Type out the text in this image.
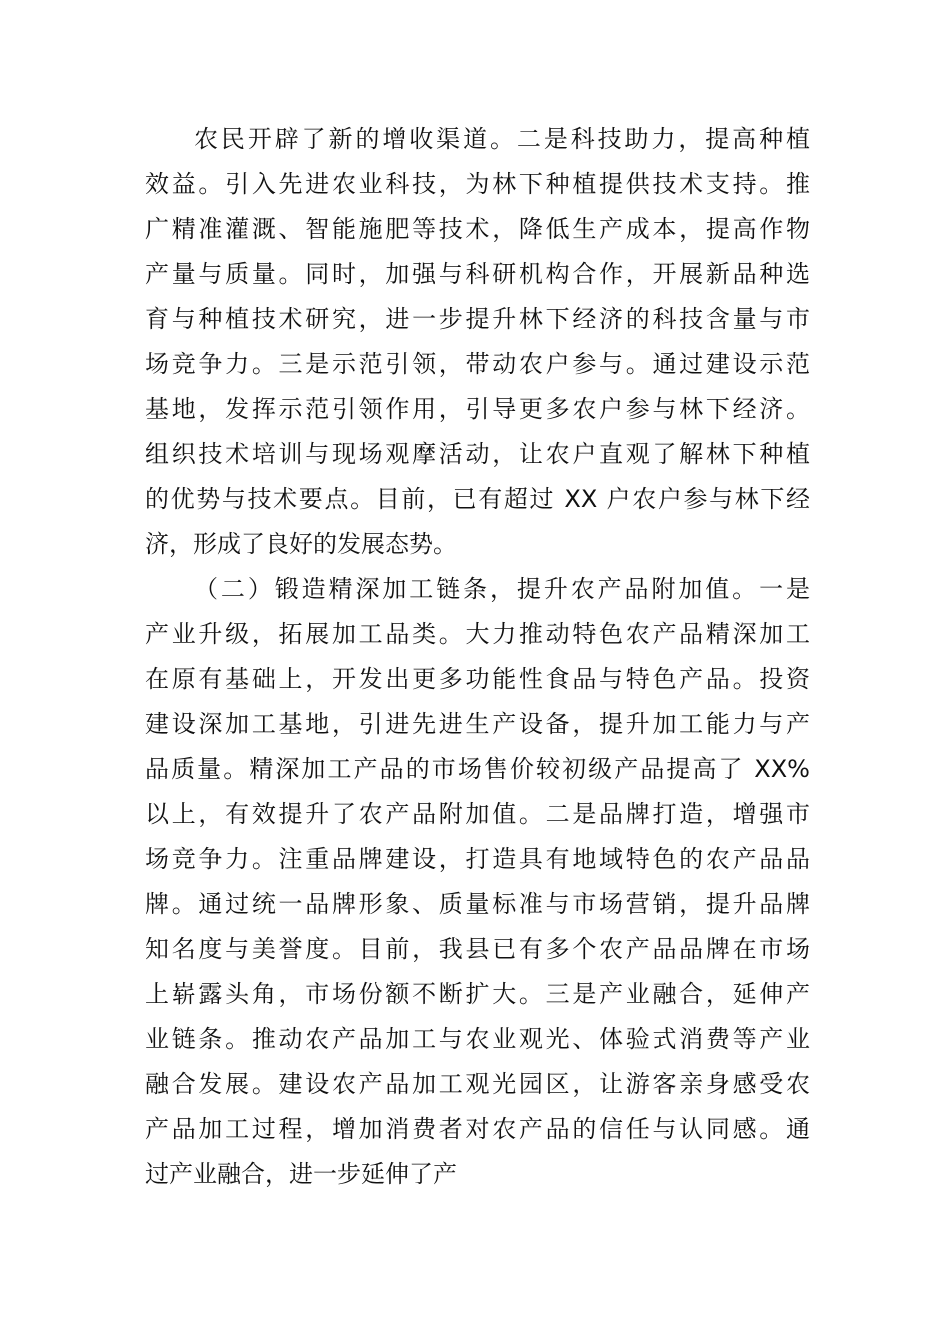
农民开辟了新的增收渠道。二是科技助力，提高种植
效益。引入先进农业科技，为林下种植提供技术支持。推
广精准灌溉、智能施肥等技术，降低生产成本，提高作物
产量与质量。同时，加强与科研机构合作，开展新品种选
育与种植技术研究，进一步提升林下经济的科技含量与市
场竞争力。三是示范引领，带动农户参与。通过建设示范
基地，发挥示范引领作用，引导更多农户参与林下经济。
组织技术培训与现场观摩活动，让农户直观了解林下种植
的优势与技术要点。目前，已有超过 XX 户农户参与林下经
济，形成了良好的发展态势。
（二）锻造精深加工链条，提升农产品附加值。一是
产业升级，拓展加工品类。大力推动特色农产品精深加工
在原有基础上，开发出更多功能性食品与特色产品。投资
建设深加工基地，引进先进生产设备，提升加工能力与产
品质量。精深加工产品的市场售价较初级产品提高了 XX%
以上，有效提升了农产品附加值。二是品牌打造，增强市
场竞争力。注重品牌建设，打造具有地域特色的农产品品
牌。通过统一品牌形象、质量标准与市场营销，提升品牌
知名度与美誉度。目前，我县已有多个农产品品牌在市场
上崭露头角，市场份额不断扩大。三是产业融合，延伸产
业链条。推动农产品加工与农业观光、体验式消费等产业
融合发展。建设农产品加工观光园区，让游客亲身感受农
产品加工过程，增加消费者对农产品的信任与认同感。通
过产业融合，进一步延伸了产
